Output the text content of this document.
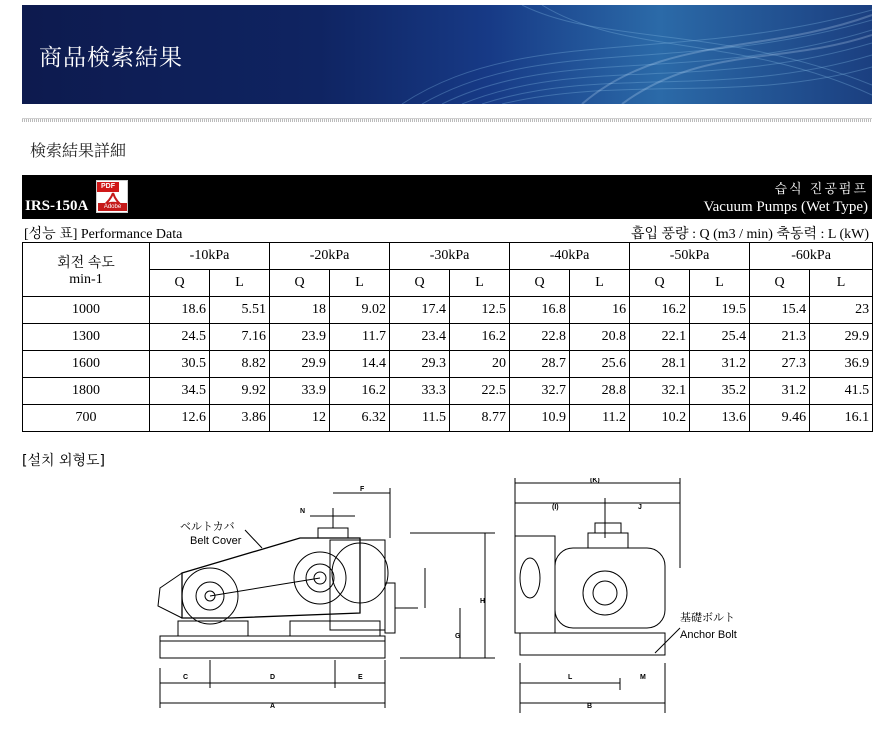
商品検索結果
検索結果詳細
IRS-150A
PDF
Adobe
습식 진공펌프
Vacuum Pumps (Wet Type)
[성능 표] Performance Data	흡입 풍량 : Q (m3 / min) 축동력 : L (kW)
회전 속도
min-1	-10kPa		-20kPa		-30kPa		-40kPa		-50kPa		-60kPa	
	Q	L	Q	L	Q	L	Q	L	Q	L	Q	L
1000	18.6	5.51	18	9.02	17.4	12.5	16.8	16	16.2	19.5	15.4	23
1300	24.5	7.16	23.9	11.7	23.4	16.2	22.8	20.8	22.1	25.4	21.3	29.9
1600	30.5	8.82	29.9	14.4	29.3	20	28.7	25.6	28.1	31.2	27.3	36.9
1800	34.5	9.92	33.9	16.2	33.3	22.5	32.7	28.8	32.1	35.2	31.2	41.5
700	12.6	3.86	12	6.32	11.5	8.77	10.9	11.2	10.2	13.6	9.46	16.1
[설치 외형도]
ベルトカバ
Belt Cover
基礎ボルト
Anchor Bolt
A	B
C	D	E
F
G
H
(I)	J
(K)
L	M
N
